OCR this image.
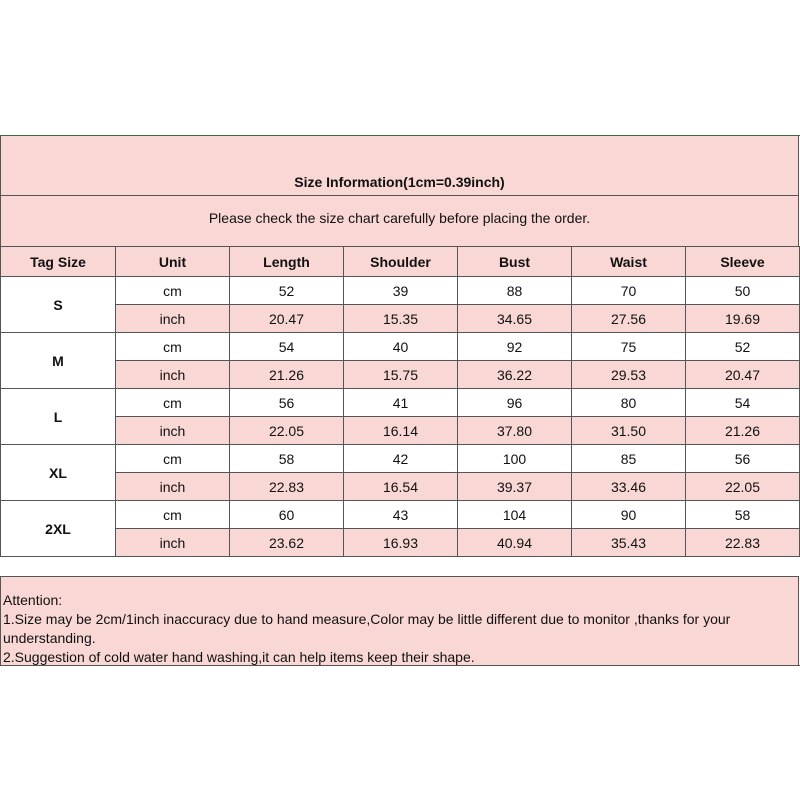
Size Information(1cm=0.39inch)
Please check the size chart carefully before placing the order.
Tag Size	Unit	Length	Shoulder	Bust	Waist	Sleeve
S	cm	52	39	88	70	50
	inch	20.47	15.35	34.65	27.56	19.69
M	cm	54	40	92	75	52
	inch	21.26	15.75	36.22	29.53	20.47
L	cm	56	41	96	80	54
	inch	22.05	16.14	37.80	31.50	21.26
XL	cm	58	42	100	85	56
	inch	22.83	16.54	39.37	33.46	22.05
2XL	cm	60	43	104	90	58
	inch	23.62	16.93	40.94	35.43	22.83

Attention:

1.Size may be 2cm/1inch inaccuracy due to hand measure,Color may be little different due to monitor ,thanks for your understanding.

2.Suggestion of cold water hand washing,it can help items keep their shape.
